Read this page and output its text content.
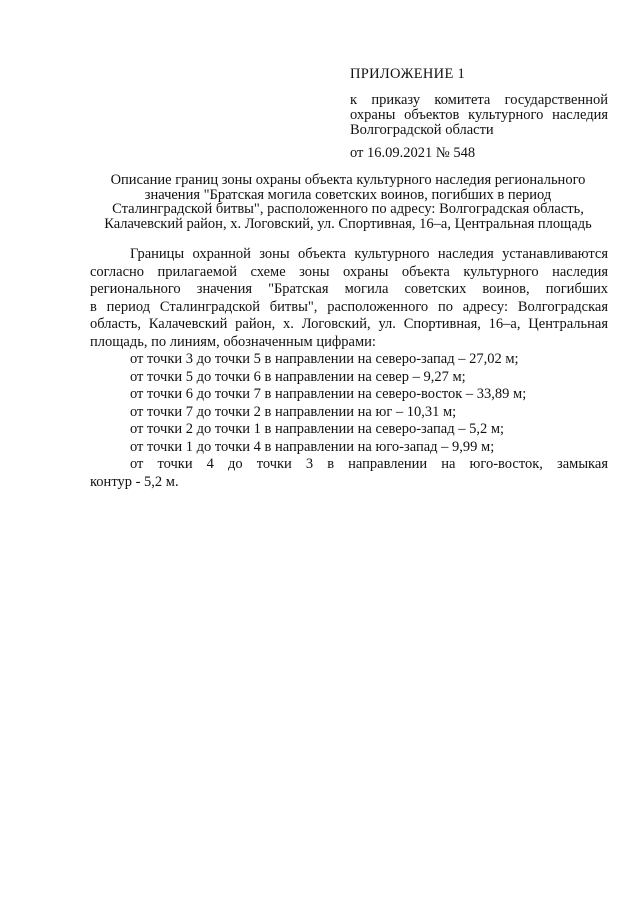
ПРИЛОЖЕНИЕ 1
к приказу комитета государственной
охраны объектов культурного наследия
Волгоградской области
от 16.09.2021 № 548
Описание границ зоны охраны объекта культурного наследия регионального
значения "Братская могила советских воинов, погибших в период
Сталинградской битвы", расположенного по адресу: Волгоградская область,
Калачевский район, х. Логовский, ул. Спортивная, 16–а, Центральная площадь
Границы охранной зоны объекта культурного наследия устанавливаются
согласно прилагаемой схеме зоны охраны объекта культурного наследия
регионального значения "Братская могила советских воинов, погибших
в период Сталинградской битвы", расположенного по адресу: Волгоградская
область, Калачевский район, х. Логовский, ул. Спортивная, 16–а, Центральная
площадь, по линиям, обозначенным цифрами:
от точки 3 до точки 5 в направлении на северо-запад – 27,02 м;
от точки 5 до точки 6 в направлении на север – 9,27 м;
от точки 6 до точки 7 в направлении на северо-восток – 33,89 м;
от точки 7 до точки 2 в направлении на юг – 10,31 м;
от точки 2 до точки 1 в направлении на северо-запад – 5,2 м;
от точки 1 до точки 4 в направлении на юго-запад – 9,99 м;
от точки 4 до точки 3 в направлении на юго-восток, замыкая
контур - 5,2 м.
